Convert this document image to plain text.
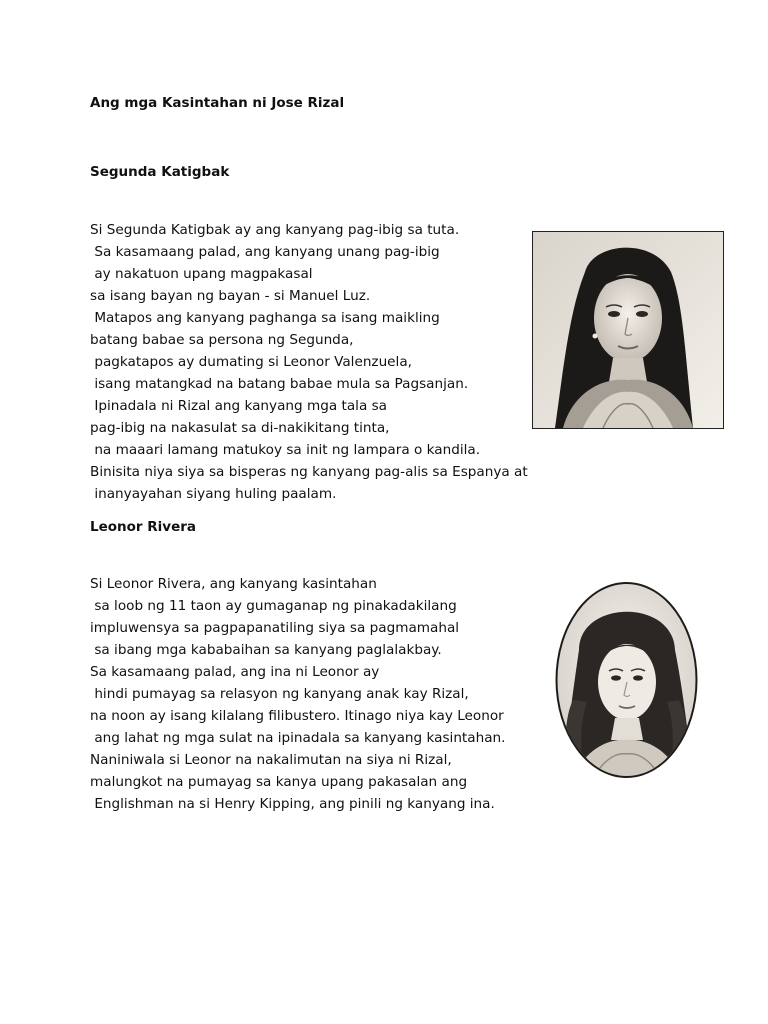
Ang mga Kasintahan ni Jose Rizal
Segunda Katigbak
Si Segunda Katigbak ay ang kanyang pag-ibig sa tuta.
Sa kasamaang palad, ang kanyang unang pag-ibig
ay nakatuon upang magpakasal
sa isang bayan ng bayan - si Manuel Luz.
Matapos ang kanyang paghanga sa isang maikling
batang babae sa persona ng Segunda,
pagkatapos ay dumating si Leonor Valenzuela,
isang matangkad na batang babae mula sa Pagsanjan.
Ipinadala ni Rizal ang kanyang mga tala sa
pag-ibig na nakasulat sa di-nakikitang tinta,
na maaari lamang matukoy sa init ng lampara o kandila.
Binisita niya siya sa bisperas ng kanyang pag-alis sa Espanya at
inanyayahan siyang huling paalam.
Leonor Rivera
Si Leonor Rivera, ang kanyang kasintahan
sa loob ng 11 taon ay gumaganap ng pinakadakilang
impluwensya sa pagpapanatiling siya sa pagmamahal
sa ibang mga kababaihan sa kanyang paglalakbay.
Sa kasamaang palad, ang ina ni Leonor ay
hindi pumayag sa relasyon ng kanyang anak kay Rizal,
na noon ay isang kilalang filibustero. Itinago niya kay Leonor
ang lahat ng mga sulat na ipinadala sa kanyang kasintahan.
Naniniwala si Leonor na nakalimutan na siya ni Rizal,
malungkot na pumayag sa kanya upang pakasalan ang
Englishman na si Henry Kipping, ang pinili ng kanyang ina.
